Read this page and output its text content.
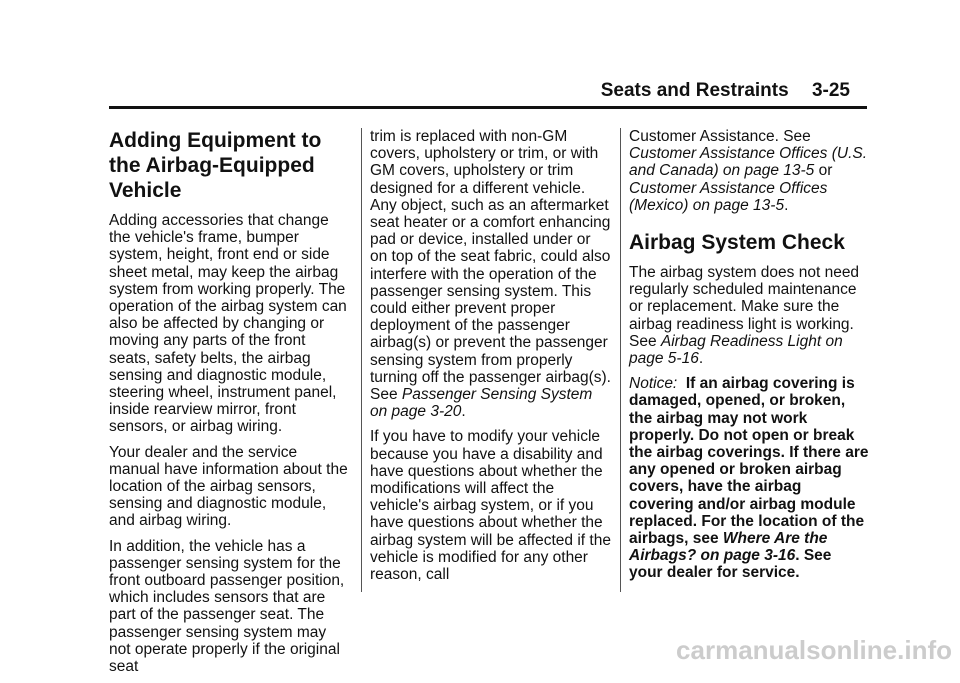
Seats and Restraints 3-25
Adding Equipment to the Airbag-Equipped Vehicle

Adding accessories that change the vehicle's frame, bumper system, height, front end or side sheet metal, may keep the airbag system from working properly. The operation of the airbag system can also be affected by changing or moving any parts of the front seats, safety belts, the airbag sensing and diagnostic module, steering wheel, instrument panel, inside rearview mirror, front sensors, or airbag wiring.

Your dealer and the service manual have information about the location of the airbag sensors, sensing and diagnostic module, and airbag wiring.

In addition, the vehicle has a passenger sensing system for the front outboard passenger position, which includes sensors that are part of the passenger seat. The passenger sensing system may not operate properly if the original seat

trim is replaced with non-GM covers, upholstery or trim, or with GM covers, upholstery or trim designed for a different vehicle. Any object, such as an aftermarket seat heater or a comfort enhancing pad or device, installed under or on top of the seat fabric, could also interfere with the operation of the passenger sensing system. This could either prevent proper deployment of the passenger airbag(s) or prevent the passenger sensing system from properly turning off the passenger airbag(s). See Passenger Sensing System on page 3-20.

If you have to modify your vehicle because you have a disability and have questions about whether the modifications will affect the vehicle's airbag system, or if you have questions about whether the airbag system will be affected if the vehicle is modified for any other reason, call

Customer Assistance. See Customer Assistance Offices (U.S. and Canada) on page 13-5 or Customer Assistance Offices (Mexico) on page 13-5.

Airbag System Check

The airbag system does not need regularly scheduled maintenance or replacement. Make sure the airbag readiness light is working. See Airbag Readiness Light on page 5-16.

Notice: If an airbag covering is damaged, opened, or broken, the airbag may not work properly. Do not open or break the airbag coverings. If there are any opened or broken airbag covers, have the airbag covering and/or airbag module replaced. For the location of the airbags, see Where Are the Airbags? on page 3-16. See your dealer for service.

carmanualsonline.info
